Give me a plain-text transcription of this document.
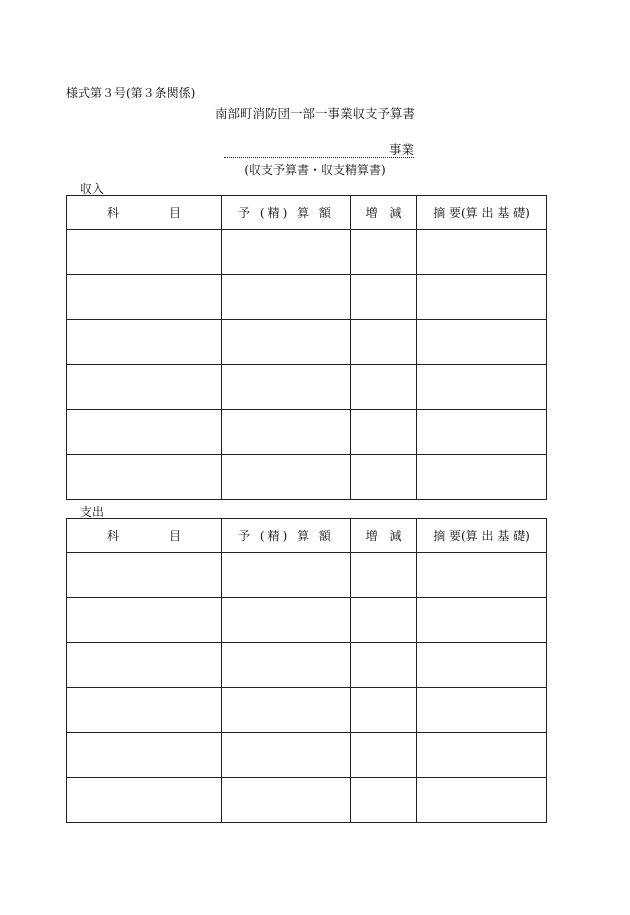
様式第３号(第３条関係)
南部町消防団一部一事業収支予算書
事業
(収支予算書・収支精算書)
収入
科 目	予 (精) 算 額	増　減	摘 要(算 出 基 礎)

支出
科 目	予 (精) 算 額	増　減	摘 要(算 出 基 礎)
